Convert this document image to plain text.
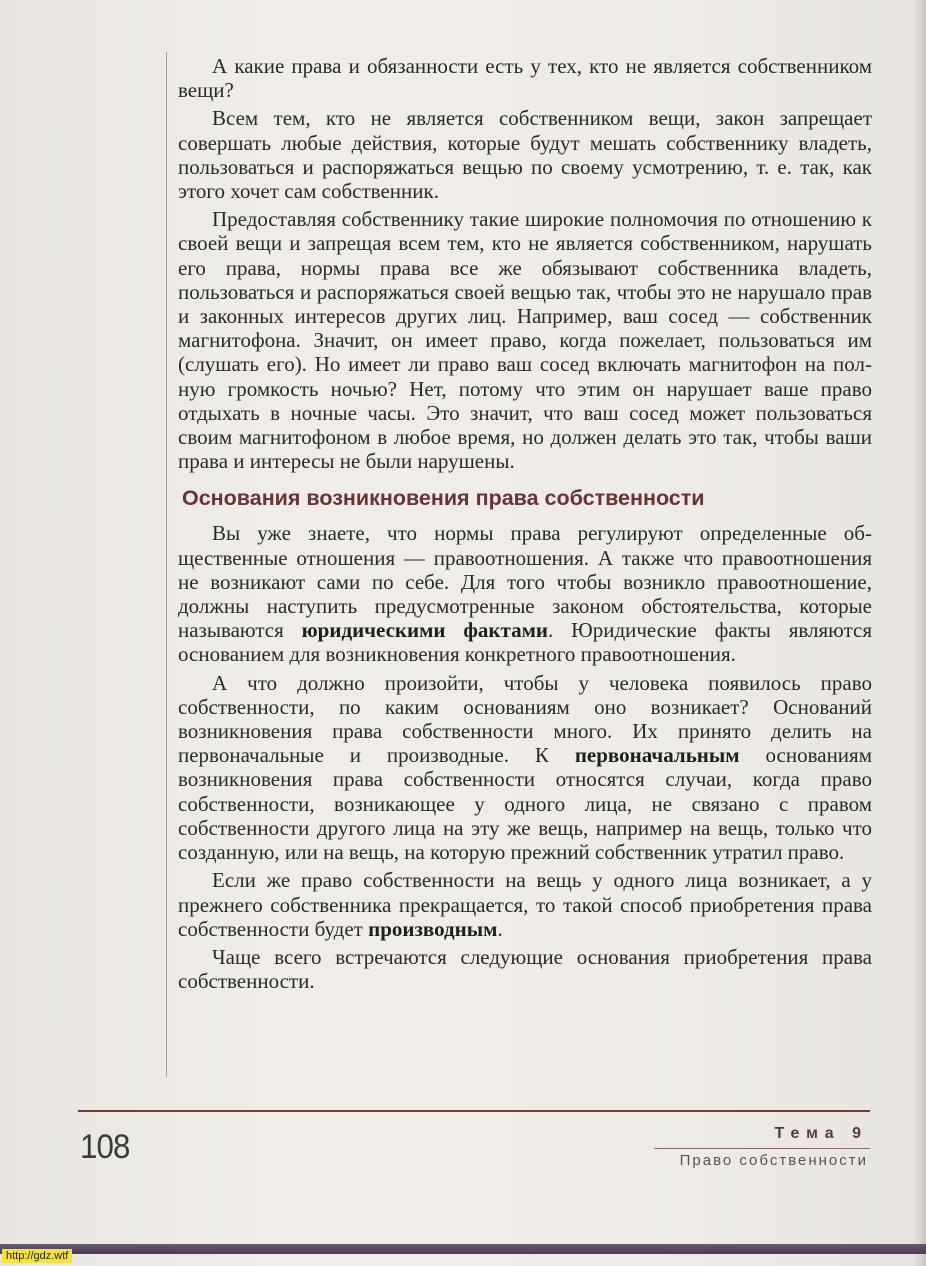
А какие права и обязанности есть у тех, кто не является собственником вещи?

Всем тем, кто не является собственником вещи, закон запрещает совершать любые действия, которые будут мешать собственнику владеть, пользоваться и распоряжаться вещью по своему усмотрению, т. е. так, как этого хочет сам собственник.

Предоставляя собственнику такие широкие полномочия по отношению к своей вещи и запрещая всем тем, кто не является собственником, нарушать его права, нормы права все же обязывают собственника владеть, пользоваться и распоряжаться своей вещью так, чтобы это не нарушало прав и законных интересов других лиц. Например, ваш сосед — собственник магнитофона. Значит, он имеет право, когда пожелает, пользоваться им (слушать его). Но имеет ли право ваш сосед включать магнитофон на полную громкость ночью? Нет, потому что этим он нарушает ваше право отдыхать в ночные часы. Это значит, что ваш сосед может пользоваться своим магнитофоном в любое время, но должен делать это так, чтобы ваши права и интересы не были нарушены.

Основания возникновения права собственности

Вы уже знаете, что нормы права регулируют определенные общественные отношения — правоотношения. А также что правоотношения не возникают сами по себе. Для того чтобы возникло правоотношение, должны наступить предусмотренные законом обстоятельства, которые называются юридическими фактами. Юридические факты являются основанием для возникновения конкретного правоотношения.

А что должно произойти, чтобы у человека появилось право собственности, по каким основаниям оно возникает? Оснований возникновения права собственности много. Их принято делить на первоначальные и производные. К первоначальным основаниям возникновения права собственности относятся случаи, когда право собственности, возникающее у одного лица, не связано с правом собственности другого лица на эту же вещь, например на вещь, только что созданную, или на вещь, на которую прежний собственник утратил право.

Если же право собственности на вещь у одного лица возникает, а у прежнего собственника прекращается, то такой способ приобретения права собственности будет производным.

Чаще всего встречаются следующие основания приобретения права собственности.

108	Тема 9
Право собственности
http://gdz.wtf
